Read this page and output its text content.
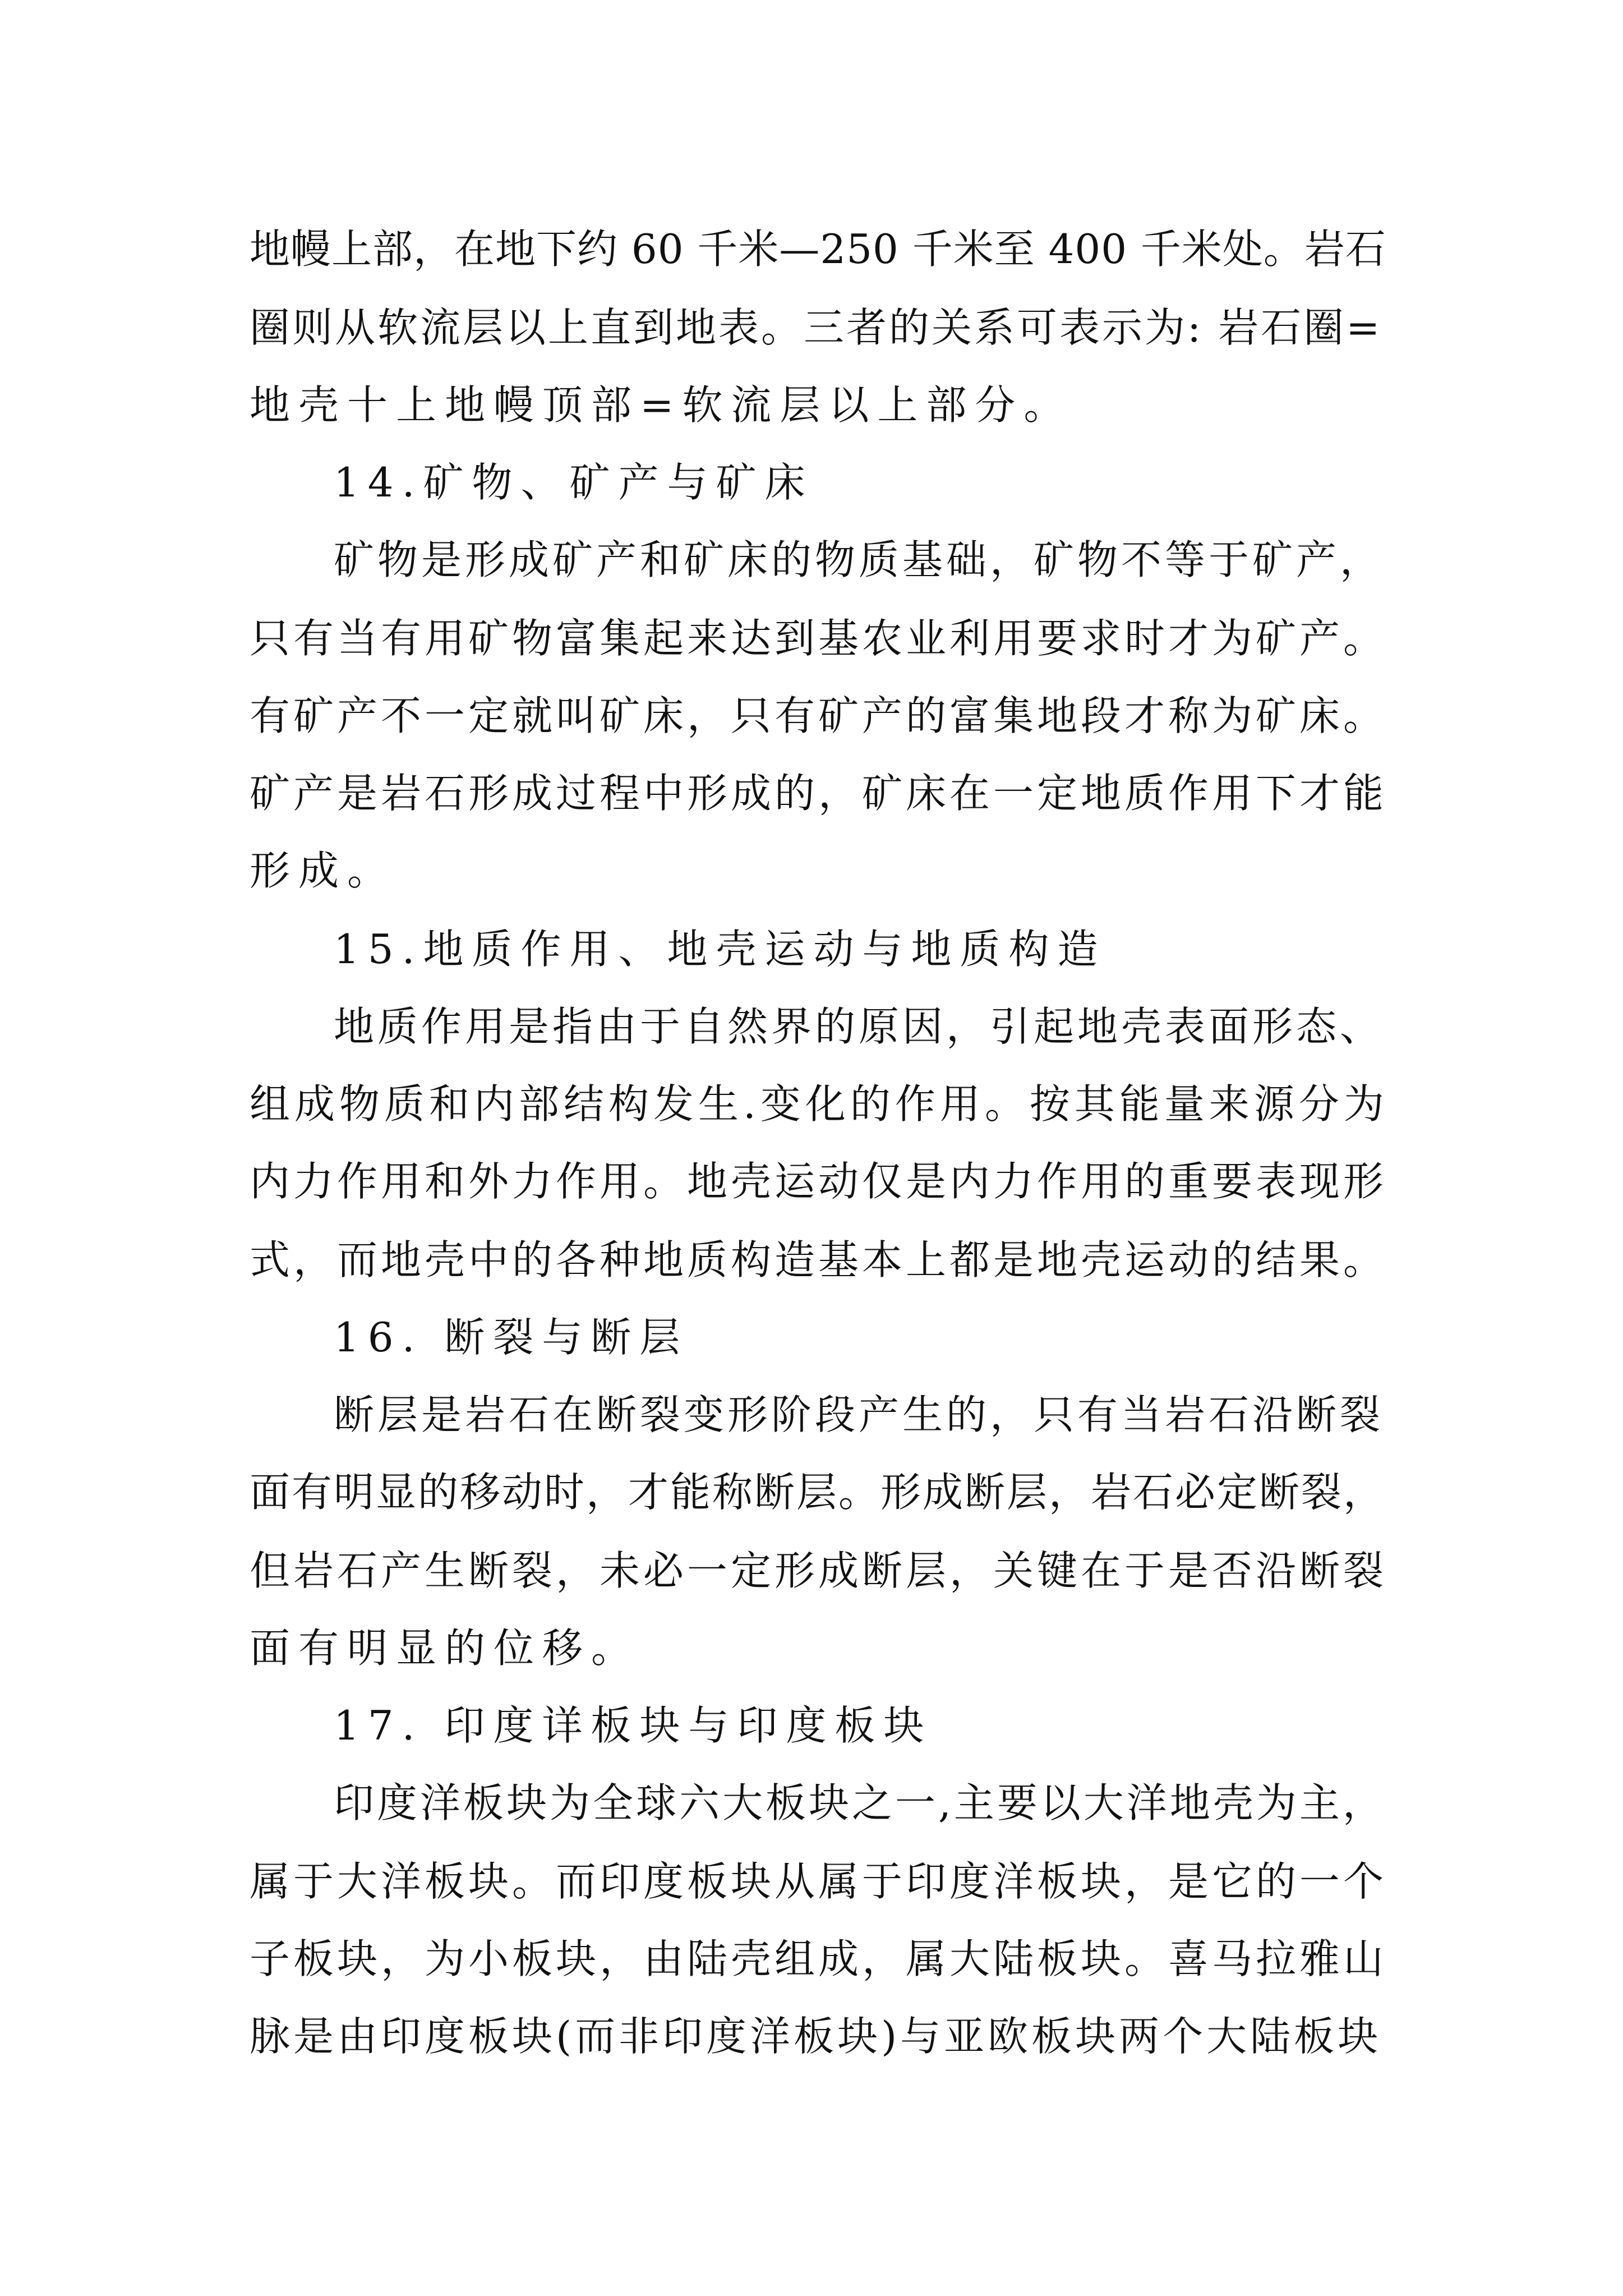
地幔上部，在地下约 60 千米—250 千米至 400 千米处。岩石
圈则从软流层以上直到地表。三者的关系可表示为: 岩石圈=
地壳十上地幔顶部=软流层以上部分。
14.矿物、矿产与矿床
矿物是形成矿产和矿床的物质基础，矿物不等于矿产，
只有当有用矿物富集起来达到基农业利用要求时才为矿产。
有矿产不一定就叫矿床，只有矿产的富集地段才称为矿床。
矿产是岩石形成过程中形成的，矿床在一定地质作用下才能
形成。
15.地质作用、地壳运动与地质构造
地质作用是指由于自然界的原因，引起地壳表面形态、
组成物质和内部结构发生.变化的作用。按其能量来源分为
内力作用和外力作用。地壳运动仅是内力作用的重要表现形
式，而地壳中的各种地质构造基本上都是地壳运动的结果。
16. 断裂与断层
断层是岩石在断裂变形阶段产生的，只有当岩石沿断裂
面有明显的移动时，才能称断层。形成断层，岩石必定断裂，
但岩石产生断裂，未必一定形成断层，关键在于是否沿断裂
面有明显的位移。
17. 印度详板块与印度板块
印度洋板块为全球六大板块之一,主要以大洋地壳为主，
属于大洋板块。而印度板块从属于印度洋板块，是它的一个
子板块，为小板块，由陆壳组成，属大陆板块。喜马拉雅山
脉是由印度板块(而非印度洋板块)与亚欧板块两个大陆板块
